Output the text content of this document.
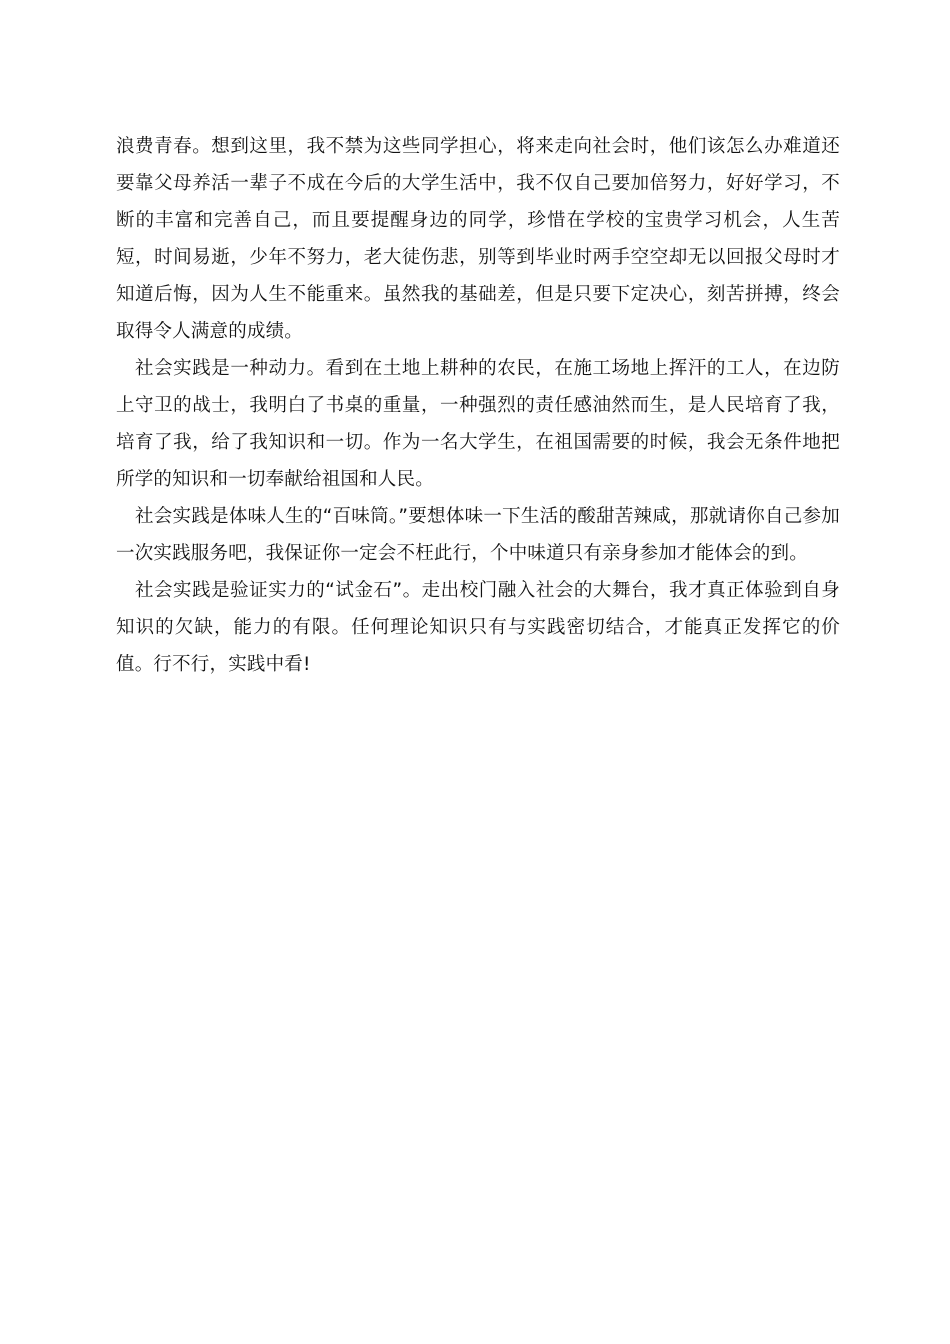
浪费青春。想到这里，我不禁为这些同学担心，将来走向社会时，他们该怎么办难道还要靠父母养活一辈子不成在今后的大学生活中，我不仅自己要加倍努力，好好学习，不断的丰富和完善自己，而且要提醒身边的同学，珍惜在学校的宝贵学习机会，人生苦短，时间易逝，少年不努力，老大徒伤悲，别等到毕业时两手空空却无以回报父母时才知道后悔，因为人生不能重来。虽然我的基础差，但是只要下定决心，刻苦拼搏，终会取得令人满意的成绩。

社会实践是一种动力。看到在土地上耕种的农民，在施工场地上挥汗的工人，在边防上守卫的战士，我明白了书桌的重量，一种强烈的责任感油然而生，是人民培育了我，培育了我，给了我知识和一切。作为一名大学生，在祖国需要的时候，我会无条件地把所学的知识和一切奉献给祖国和人民。

社会实践是体味人生的“百味筒。”要想体味一下生活的酸甜苦辣咸，那就请你自己参加一次实践服务吧，我保证你一定会不枉此行，个中味道只有亲身参加才能体会的到。

社会实践是验证实力的“试金石”。走出校门融入社会的大舞台，我才真正体验到自身知识的欠缺，能力的有限。任何理论知识只有与实践密切结合，才能真正发挥它的价值。行不行，实践中看!
